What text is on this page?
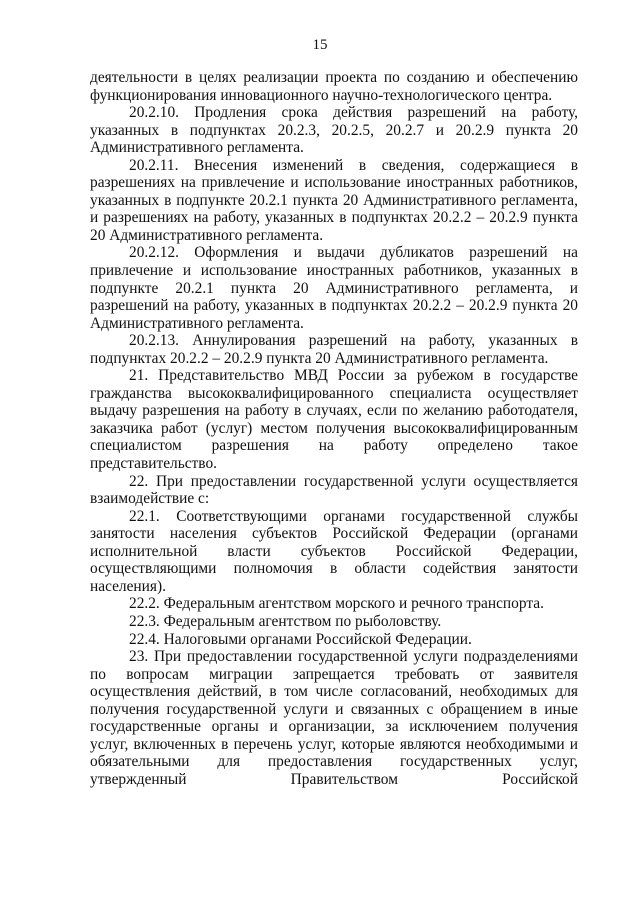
15

деятельности в целях реализации проекта по созданию и обеспечению функционирования инновационного научно-технологического центра.

20.2.10. Продления срока действия разрешений на работу, указанных в подпунктах 20.2.3, 20.2.5, 20.2.7 и 20.2.9 пункта 20 Административного регламента.

20.2.11. Внесения изменений в сведения, содержащиеся в разрешениях на привлечение и использование иностранных работников, указанных в подпункте 20.2.1 пункта 20 Административного регламента, и разрешениях на работу, указанных в подпунктах 20.2.2 – 20.2.9 пункта 20 Административного регламента.

20.2.12. Оформления и выдачи дубликатов разрешений на привлечение и использование иностранных работников, указанных в подпункте 20.2.1 пункта 20 Административного регламента, и разрешений на работу, указанных в подпунктах 20.2.2 – 20.2.9 пункта 20 Административного регламента.

20.2.13. Аннулирования разрешений на работу, указанных в подпунктах 20.2.2 – 20.2.9 пункта 20 Административного регламента.

21. Представительство МВД России за рубежом в государстве гражданства высококвалифицированного специалиста осуществляет выдачу разрешения на работу в случаях, если по желанию работодателя, заказчика работ (услуг) местом получения высококвалифицированным специалистом разрешения на работу определено такое представительство.

22. При предоставлении государственной услуги осуществляется взаимодействие с:

22.1. Соответствующими органами государственной службы занятости населения субъектов Российской Федерации (органами исполнительной власти субъектов Российской Федерации, осуществляющими полномочия в области содействия занятости населения).

22.2. Федеральным агентством морского и речного транспорта.

22.3. Федеральным агентством по рыболовству.

22.4. Налоговыми органами Российской Федерации.

23. При предоставлении государственной услуги подразделениями по вопросам миграции запрещается требовать от заявителя осуществления действий, в том числе согласований, необходимых для получения государственной услуги и связанных с обращением в иные государственные органы и организации, за исключением получения услуг, включенных в перечень услуг, которые являются необходимыми и обязательными для предоставления государственных услуг, утвержденный Правительством Российской
